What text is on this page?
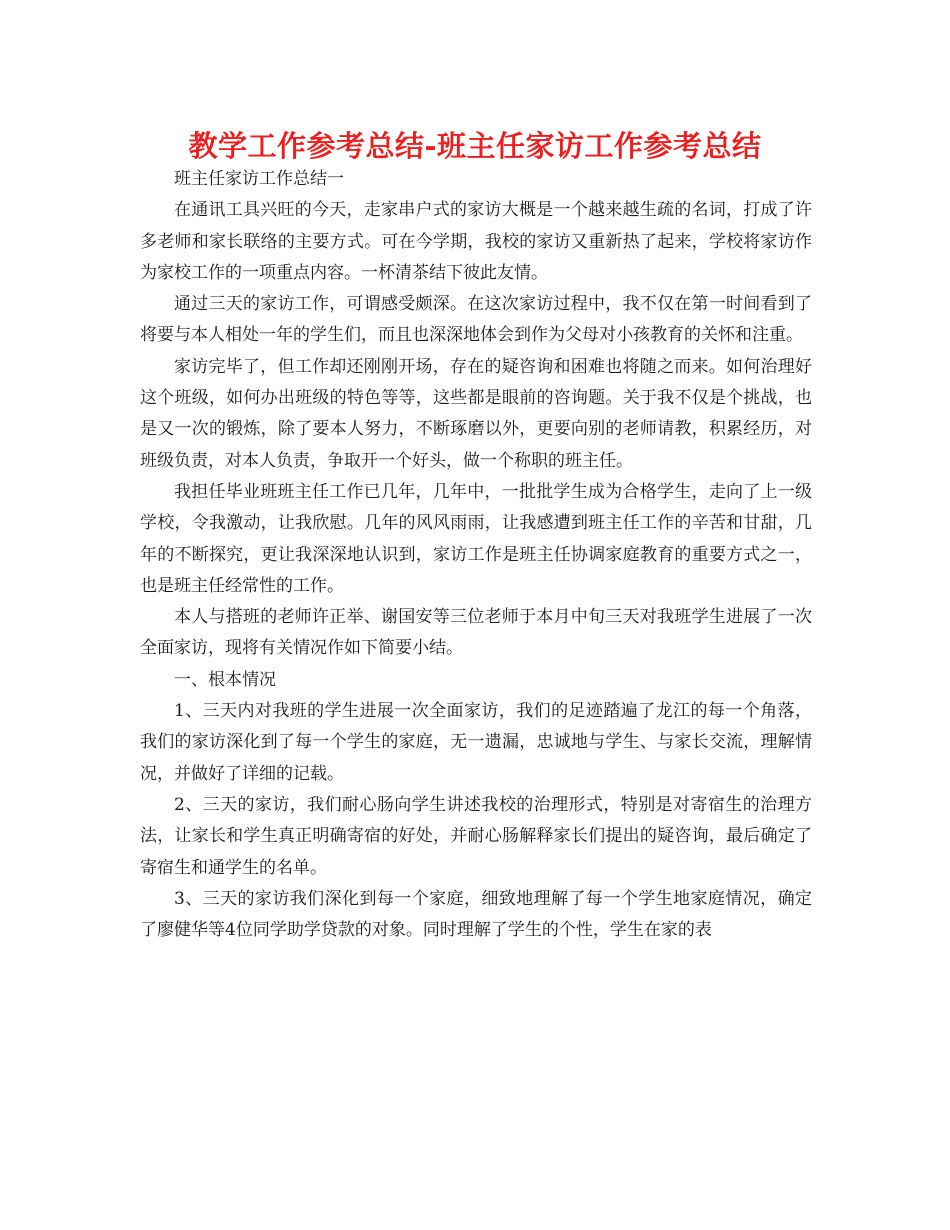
教学工作参考总结-班主任家访工作参考总结

班主任家访工作总结一

在通讯工具兴旺的今天，走家串户式的家访大概是一个越来越生疏的名词，打成了许多老师和家长联络的主要方式。可在今学期，我校的家访又重新热了起来，学校将家访作为家校工作的一项重点内容。一杯清茶结下彼此友情。

通过三天的家访工作，可谓感受颇深。在这次家访过程中，我不仅在第一时间看到了将要与本人相处一年的学生们，而且也深深地体会到作为父母对小孩教育的关怀和注重。

家访完毕了，但工作却还刚刚开场，存在的疑咨询和困难也将随之而来。如何治理好这个班级，如何办出班级的特色等等，这些都是眼前的咨询题。关于我不仅是个挑战，也是又一次的锻炼，除了要本人努力，不断琢磨以外，更要向别的老师请教，积累经历，对班级负责，对本人负责，争取开一个好头，做一个称职的班主任。

我担任毕业班班主任工作已几年，几年中，一批批学生成为合格学生，走向了上一级学校，令我激动，让我欣慰。几年的风风雨雨，让我感遭到班主任工作的辛苦和甘甜，几年的不断探究，更让我深深地认识到，家访工作是班主任协调家庭教育的重要方式之一，也是班主任经常性的工作。

本人与搭班的老师许正举、谢国安等三位老师于本月中旬三天对我班学生进展了一次全面家访，现将有关情况作如下简要小结。

一、根本情况

1、三天内对我班的学生进展一次全面家访，我们的足迹踏遍了龙江的每一个角落，我们的家访深化到了每一个学生的家庭，无一遗漏，忠诚地与学生、与家长交流，理解情况，并做好了详细的记载。

2、三天的家访，我们耐心肠向学生讲述我校的治理形式，特别是对寄宿生的治理方法，让家长和学生真正明确寄宿的好处，并耐心肠解释家长们提出的疑咨询，最后确定了寄宿生和通学生的名单。

3、三天的家访我们深化到每一个家庭，细致地理解了每一个学生地家庭情况，确定了廖健华等4位同学助学贷款的对象。同时理解了学生的个性，学生在家的表
